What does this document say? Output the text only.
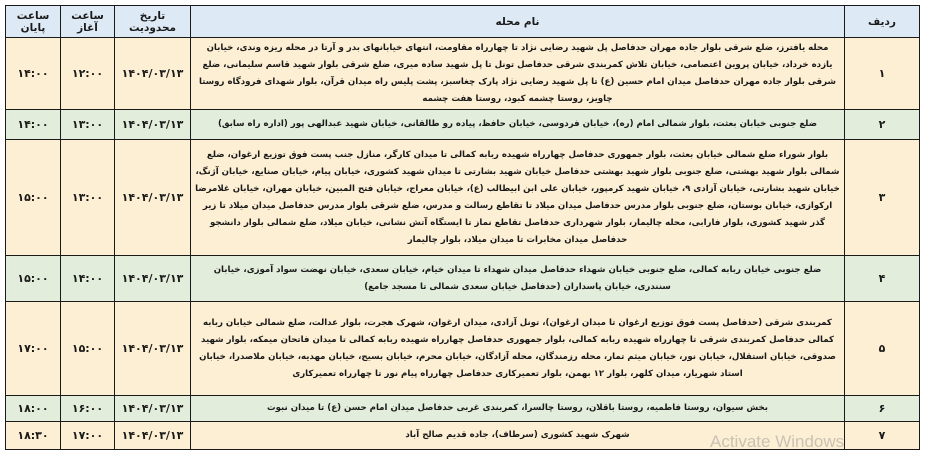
ردیف	نام محله	تاریخ محدودیت	ساعت آغاز	ساعت پایان
۱	محله یافترز، ضلع شرقی بلوار جاده مهران حدفاصل پل شهید رضایی نژاد تا چهارراه مقاومت، انتهای خیابانهای بدر و آرتا در محله ریزه وندی، خیابان یازده خرداد، خیابان پروین اعتصامی، خیابان تلاش کمربندی شرقی حدفاصل تونل تا پل شهید ساده میری، ضلع شرقی بلوار شهید قاسم سلیمانی، ضلع شرقی بلوار جاده مهران حدفاصل میدان امام حسین (ع) تا پل شهید رضایی نژاد پارک چغاسبز، پشت پلیس راه میدان قرآن، بلوار شهدای فرودگاه روستا چاویز، روستا چشمه کبود، روستا هفت چشمه	۱۴۰۴/۰۳/۱۳	۱۲:۰۰	۱۴:۰۰
۲	ضلع جنوبی خیابان بعثت، بلوار شمالی امام (ره)، خیابان فردوسی، خیابان حافظ، پیاده رو طالقانی، خیابان شهید عبدالهی پور (اداره راه سابق)	۱۴۰۴/۰۳/۱۳	۱۳:۰۰	۱۴:۰۰
۳	بلوار شوراء ضلع شمالی خیابان بعثت، بلوار جمهوری حدفاصل چهارراه شهیده ربابه کمالی تا میدان کارگر، منازل جنب پست فوق توزیع ارغوان، ضلع شمالی بلوار شهید بهشتی، ضلع جنوبی بلوار شهید بهشتی حدفاصل خیابان شهید بشارتی تا میدان شهید کشوری، خیابان پیام، خیابان صنایع، خیابان آژنگ، خیابان شهید بشارتی، خیابان آزادی ۹، خیابان شهید کرمپور، خیابان علی ابن ابیطالب (ع)، خیابان معراج، خیابان فتح المبین، خیابان مهران، خیابان غلامرضا ارکوازی، خیابان بوستان، ضلع جنوبی بلوار مدرس حدفاصل میدان میلاد تا تقاطع رسالت و مدرس، ضلع شرقی بلوار مدرس حدفاصل میدان میلاد تا زیر گذر شهید کشوری، بلوار فارابی، محله چالیمار، بلوار شهرداری حدفاصل تقاطع نماز تا ایستگاه آتش نشانی، خیابان میلاد، ضلع شمالی بلوار دانشجو حدفاصل میدان مخابرات تا میدان میلاد، بلوار چالیمار	۱۴۰۴/۰۳/۱۳	۱۳:۰۰	۱۵:۰۰
۴	ضلع جنوبی خیابان ربابه کمالی، ضلع جنوبی خیابان شهداء حدفاصل میدان شهداء تا میدان خیام، خیابان سعدی، خیابان نهضت سواد آموزی، خیابان سنندری، خیابان پاسداران (حدفاصل خیابان سعدی شمالی تا مسجد جامع)	۱۴۰۴/۰۳/۱۳	۱۴:۰۰	۱۵:۰۰
۵	کمربندی شرقی (حدفاصل پست فوق توزیع ارغوان تا میدان ارغوان)، تونل آزادی، میدان ارغوان، شهرک هجرت، بلوار عدالت، ضلع شمالی خیابان ربابه کمالی حدفاصل کمربندی شرقی تا چهارراه شهیده ربابه کمالی، بلوار جمهوری حدفاصل چهارراه شهیده ربابه کمالی تا میدان فاتحان میمکه، بلوار شهید صدوقی، خیابان استقلال، خیابان نور، خیابان میثم تمار، محله رزمندگان، محله آزادگان، خیابان محرم، خیابان بسیج، خیابان مهدیه، خیابان ملاصدرا، خیابان استاد شهریار، میدان کلهر، بلوار ۱۲ بهمن، بلوار تعمیرکاری حدفاصل چهارراه پیام نور تا چهارراه تعمیرکاری	۱۴۰۴/۰۳/۱۳	۱۵:۰۰	۱۷:۰۰
۶	بخش سیوان، روستا فاطمیه، روستا باقلان، روستا چالسرا، کمربندی غربی حدفاصل میدان امام حسن (ع) تا میدان نبوت	۱۴۰۴/۰۳/۱۳	۱۶:۰۰	۱۸:۰۰
۷	شهرک شهید کشوری (سرطاف)، جاده قدیم صالح آباد	۱۴۰۴/۰۳/۱۳	۱۷:۰۰	۱۸:۳۰	Activate Windows
